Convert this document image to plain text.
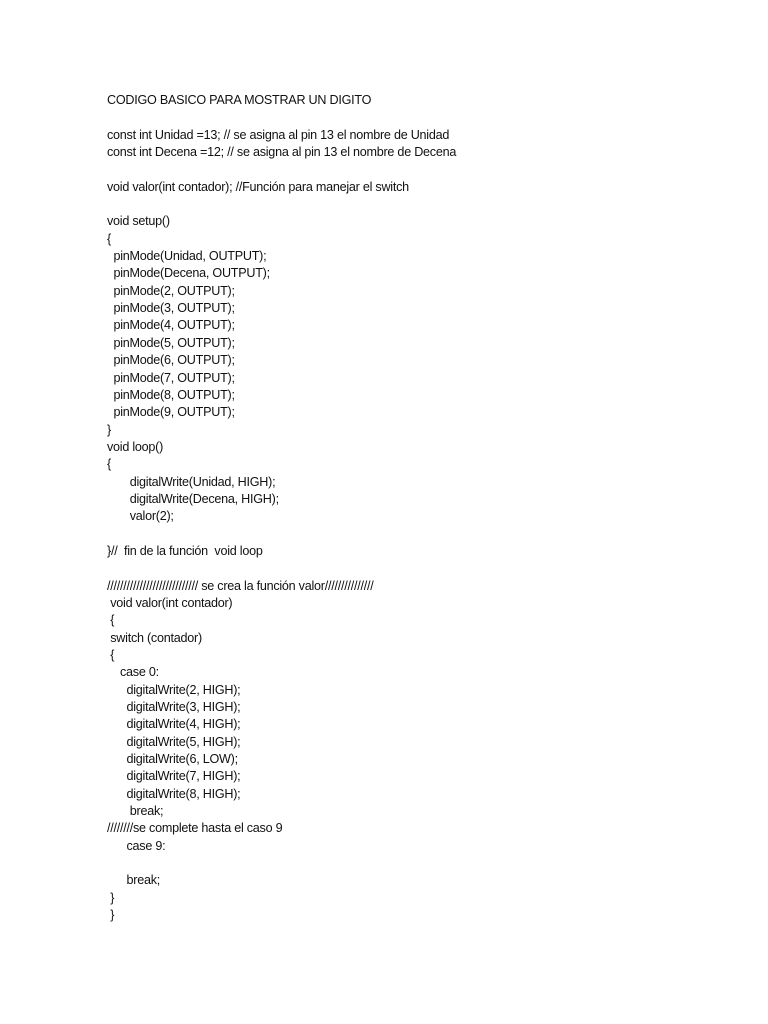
CODIGO BASICO PARA MOSTRAR UN DIGITO
const int Unidad =13; // se asigna al pin 13 el nombre de Unidad
const int Decena =12; // se asigna al pin 13 el nombre de Decena
void valor(int contador); //Función para manejar el switch
void setup()
{
pinMode(Unidad, OUTPUT);
pinMode(Decena, OUTPUT);
pinMode(2, OUTPUT);
pinMode(3, OUTPUT);
pinMode(4, OUTPUT);
pinMode(5, OUTPUT);
pinMode(6, OUTPUT);
pinMode(7, OUTPUT);
pinMode(8, OUTPUT);
pinMode(9, OUTPUT);
}
void loop()
{
digitalWrite(Unidad, HIGH);
digitalWrite(Decena, HIGH);
valor(2);
}//  fin de la función  void loop
//////////////////////////// se crea la función valor///////////////
void valor(int contador)
{
switch (contador)
{
case 0:
digitalWrite(2, HIGH);
digitalWrite(3, HIGH);
digitalWrite(4, HIGH);
digitalWrite(5, HIGH);
digitalWrite(6, LOW);
digitalWrite(7, HIGH);
digitalWrite(8, HIGH);
break;
////////se complete hasta el caso 9
case 9:
break;
}
}
